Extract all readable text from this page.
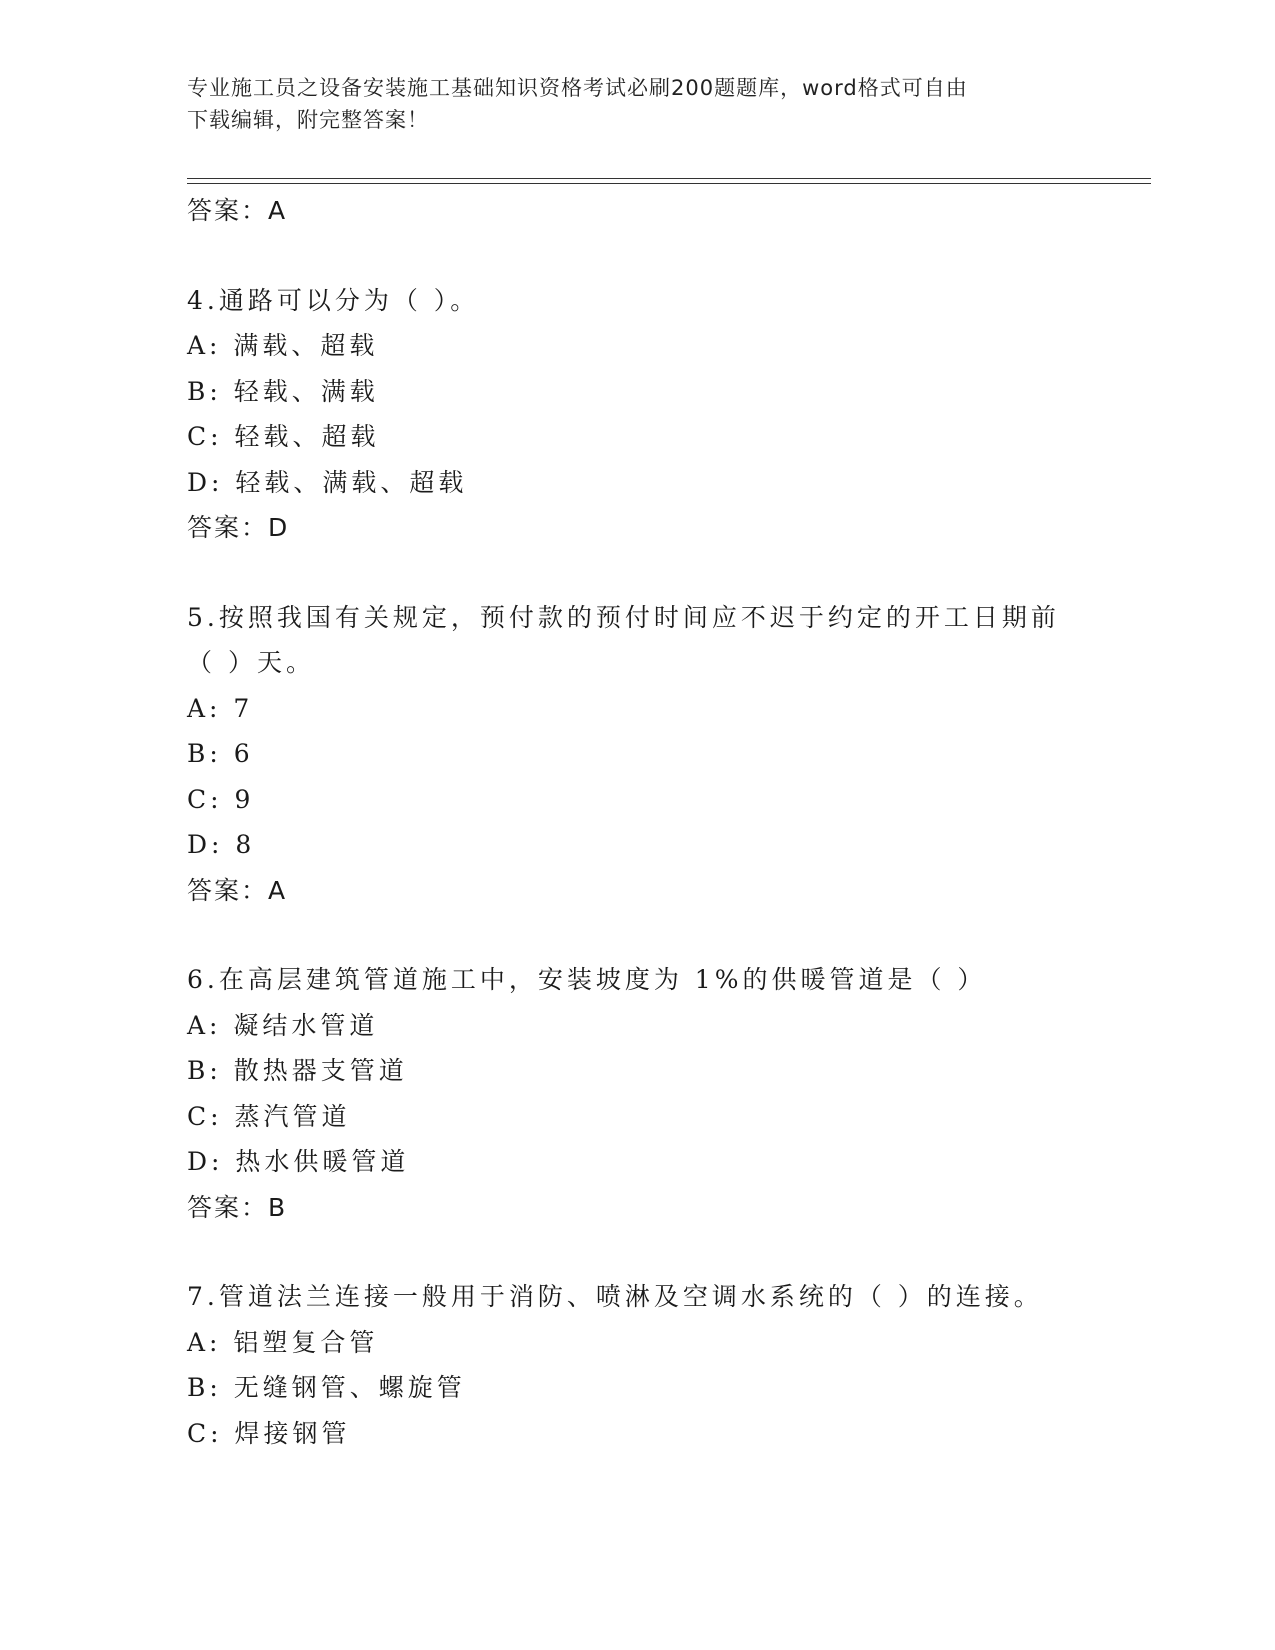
专业施工员之设备安装施工基础知识资格考试必刷200题题库，word格式可自由
下载编辑，附完整答案！
答案：A
4.通路可以分为（ ）。
A: 满载、超载
B: 轻载、满载
C: 轻载、超载
D: 轻载、满载、超载
答案：D
5.按照我国有关规定，预付款的预付时间应不迟于约定的开工日期前
（ ）天。
A: 7
B: 6
C: 9
D: 8
答案：A
6.在高层建筑管道施工中，安装坡度为 1%的供暖管道是（ ）
A: 凝结水管道
B: 散热器支管道
C: 蒸汽管道
D: 热水供暖管道
答案：B
7.管道法兰连接一般用于消防、喷淋及空调水系统的（ ）的连接。
A: 铝塑复合管
B: 无缝钢管、螺旋管
C: 焊接钢管
